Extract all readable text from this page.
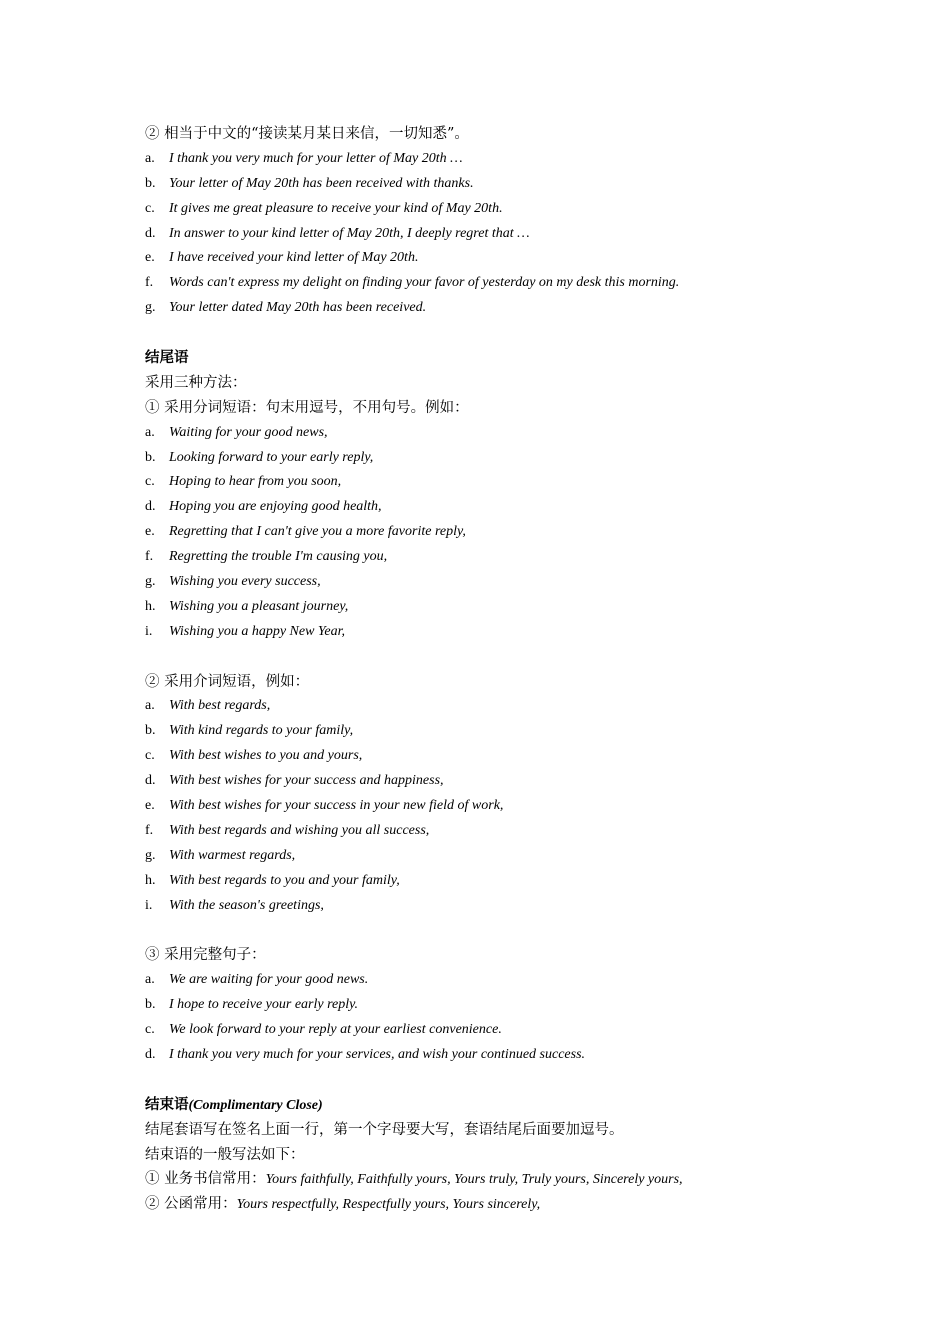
② 相当于中文的“接读某月某日来信，一切知悉”。
a.	I thank you very much for your letter of May 20th …
b. Your letter of May 20th has been received with thanks.
c.	It gives me great pleasure to receive your kind of May 20th.
d. In answer to your kind letter of May 20th, I deeply regret that …
e.	I have received your kind letter of May 20th.
f.	Words can't express my delight on finding your favor of yesterday on my desk this morning.
g. Your letter dated May 20th has been received.
结尾语
采用三种方法：
① 采用分词短语：句末用逗号，不用句号。例如：
a.	Waiting for your good news,
b. Looking forward to your early reply,
c.	Hoping to hear from you soon,
d. Hoping you are enjoying good health,
e.	Regretting that I can't give you a more favorite reply,
f.	Regretting the trouble I'm causing you,
g. Wishing you every success,
h. Wishing you a pleasant journey,
i.	Wishing you a happy New Year,
② 采用介词短语，例如：
a.	With best regards,
b. With kind regards to your family,
c.	With best wishes to you and yours,
d. With best wishes for your success and happiness,
e.	With best wishes for your success in your new field of work,
f.	With best regards and wishing you all success,
g. With warmest regards,
h. With best regards to you and your family,
i.	With the season's greetings,
③ 采用完整句子：
a.	We are waiting for your good news.
b. I hope to receive your early reply.
c.	We look forward to your reply at your earliest convenience.
d. I thank you very much for your services, and wish your continued success.
结束语(Complimentary Close)
结尾套语写在签名上面一行，第一个字母要大写，套语结尾后面要加逗号。
结束语的一般写法如下：
① 业务书信常用：Yours faithfully, Faithfully yours, Yours truly, Truly yours, Sincerely yours,
② 公函常用：Yours respectfully, Respectfully yours, Yours sincerely,
